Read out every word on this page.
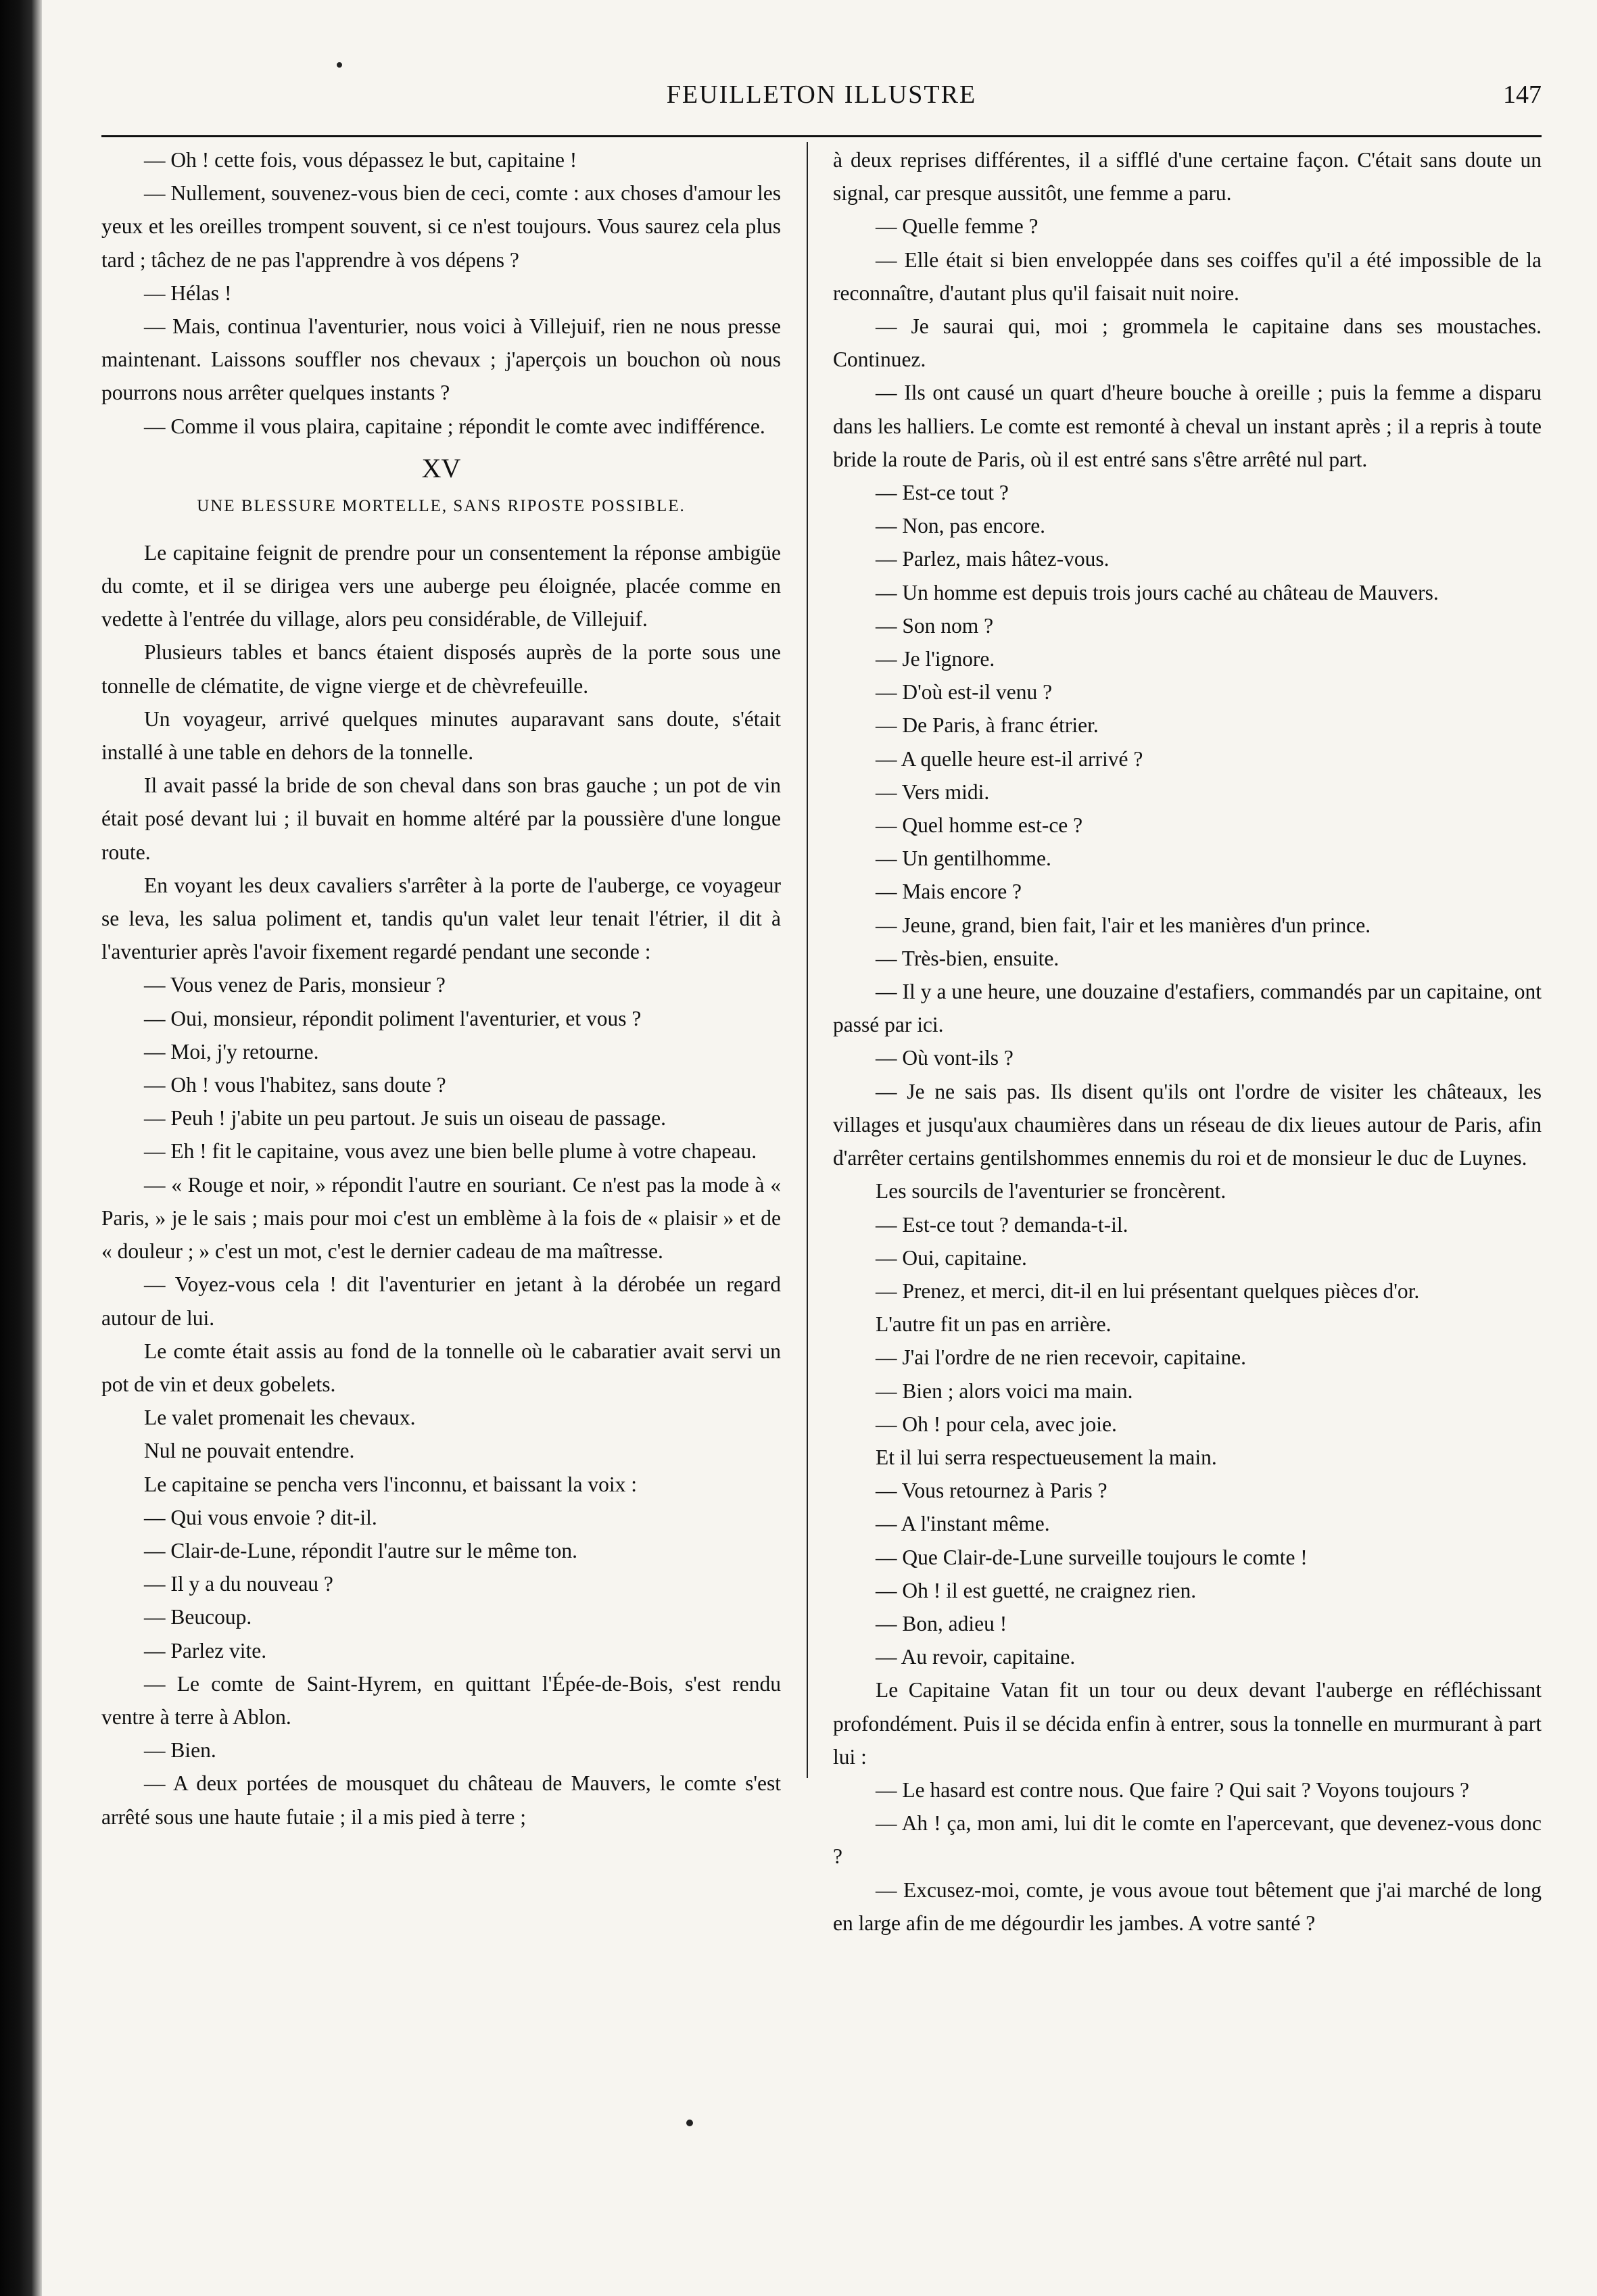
FEUILLETON ILLUSTRE	147

— Oh ! cette fois, vous dépassez le but, capitaine !

— Nullement, souvenez-vous bien de ceci, comte : aux choses d'amour les yeux et les oreilles trompent souvent, si ce n'est toujours. Vous saurez cela plus tard ; tâchez de ne pas l'apprendre à vos dépens ?

— Hélas !

— Mais, continua l'aventurier, nous voici à Villejuif, rien ne nous presse maintenant. Laissons souffler nos chevaux ; j'aperçois un bouchon où nous pourrons nous arrêter quelques instants ?

— Comme il vous plaira, capitaine ; répondit le comte avec indifférence.

XV

UNE BLESSURE MORTELLE, SANS RIPOSTE POSSIBLE.

Le capitaine feignit de prendre pour un consentement la réponse ambigüe du comte, et il se dirigea vers une auberge peu éloignée, placée comme en vedette à l'entrée du village, alors peu considérable, de Villejuif.

Plusieurs tables et bancs étaient disposés auprès de la porte sous une tonnelle de clématite, de vigne vierge et de chèvrefeuille.

Un voyageur, arrivé quelques minutes auparavant sans doute, s'était installé à une table en dehors de la tonnelle.

Il avait passé la bride de son cheval dans son bras gauche ; un pot de vin était posé devant lui ; il buvait en homme altéré par la poussière d'une longue route.

En voyant les deux cavaliers s'arrêter à la porte de l'auberge, ce voyageur se leva, les salua poliment et, tandis qu'un valet leur tenait l'étrier, il dit à l'aventurier après l'avoir fixement regardé pendant une seconde :

— Vous venez de Paris, monsieur ?

— Oui, monsieur, répondit poliment l'aventurier, et vous ?

— Moi, j'y retourne.

— Oh ! vous l'habitez, sans doute ?

— Peuh ! j'abite un peu partout. Je suis un oiseau de passage.

— Eh ! fit le capitaine, vous avez une bien belle plume à votre chapeau.

— « Rouge et noir, » répondit l'autre en souriant. Ce n'est pas la mode à « Paris, » je le sais ; mais pour moi c'est un emblème à la fois de « plaisir » et de « douleur ; » c'est un mot, c'est le dernier cadeau de ma maîtresse.

— Voyez-vous cela ! dit l'aventurier en jetant à la dérobée un regard autour de lui.

Le comte était assis au fond de la tonnelle où le cabaratier avait servi un pot de vin et deux gobelets.

Le valet promenait les chevaux.

Nul ne pouvait entendre.

Le capitaine se pencha vers l'inconnu, et baissant la voix :

— Qui vous envoie ? dit-il.

— Clair-de-Lune, répondit l'autre sur le même ton.

— Il y a du nouveau ?

— Beucoup.

— Parlez vite.

— Le comte de Saint-Hyrem, en quittant l'Épée-de-Bois, s'est rendu ventre à terre à Ablon.

— Bien.

— A deux portées de mousquet du château de Mauvers, le comte s'est arrêté sous une haute futaie ; il a mis pied à terre ;

à deux reprises différentes, il a sifflé d'une certaine façon. C'était sans doute un signal, car presque aussitôt, une femme a paru.

— Quelle femme ?

— Elle était si bien enveloppée dans ses coiffes qu'il a été impossible de la reconnaître, d'autant plus qu'il faisait nuit noire.

— Je saurai qui, moi ; grommela le capitaine dans ses moustaches. Continuez.

— Ils ont causé un quart d'heure bouche à oreille ; puis la femme a disparu dans les halliers. Le comte est remonté à cheval un instant après ; il a repris à toute bride la route de Paris, où il est entré sans s'être arrêté nul part.

— Est-ce tout ?

— Non, pas encore.

— Parlez, mais hâtez-vous.

— Un homme est depuis trois jours caché au château de Mauvers.

— Son nom ?

— Je l'ignore.

— D'où est-il venu ?

— De Paris, à franc étrier.

— A quelle heure est-il arrivé ?

— Vers midi.

— Quel homme est-ce ?

— Un gentilhomme.

— Mais encore ?

— Jeune, grand, bien fait, l'air et les manières d'un prince.

— Très-bien, ensuite.

— Il y a une heure, une douzaine d'estafiers, commandés par un capitaine, ont passé par ici.

— Où vont-ils ?

— Je ne sais pas. Ils disent qu'ils ont l'ordre de visiter les châteaux, les villages et jusqu'aux chaumières dans un réseau de dix lieues autour de Paris, afin d'arrêter certains gentilshommes ennemis du roi et de monsieur le duc de Luynes.

Les sourcils de l'aventurier se froncèrent.

— Est-ce tout ? demanda-t-il.

— Oui, capitaine.

— Prenez, et merci, dit-il en lui présentant quelques pièces d'or.

L'autre fit un pas en arrière.

— J'ai l'ordre de ne rien recevoir, capitaine.

— Bien ; alors voici ma main.

— Oh ! pour cela, avec joie.

Et il lui serra respectueusement la main.

— Vous retournez à Paris ?

— A l'instant même.

— Que Clair-de-Lune surveille toujours le comte !

— Oh ! il est guetté, ne craignez rien.

— Bon, adieu !

— Au revoir, capitaine.

Le Capitaine Vatan fit un tour ou deux devant l'auberge en réfléchissant profondément. Puis il se décida enfin à entrer, sous la tonnelle en murmurant à part lui :

— Le hasard est contre nous. Que faire ? Qui sait ? Voyons toujours ?

— Ah ! ça, mon ami, lui dit le comte en l'apercevant, que devenez-vous donc ?

— Excusez-moi, comte, je vous avoue tout bêtement que j'ai marché de long en large afin de me dégourdir les jambes. A votre santé ?
